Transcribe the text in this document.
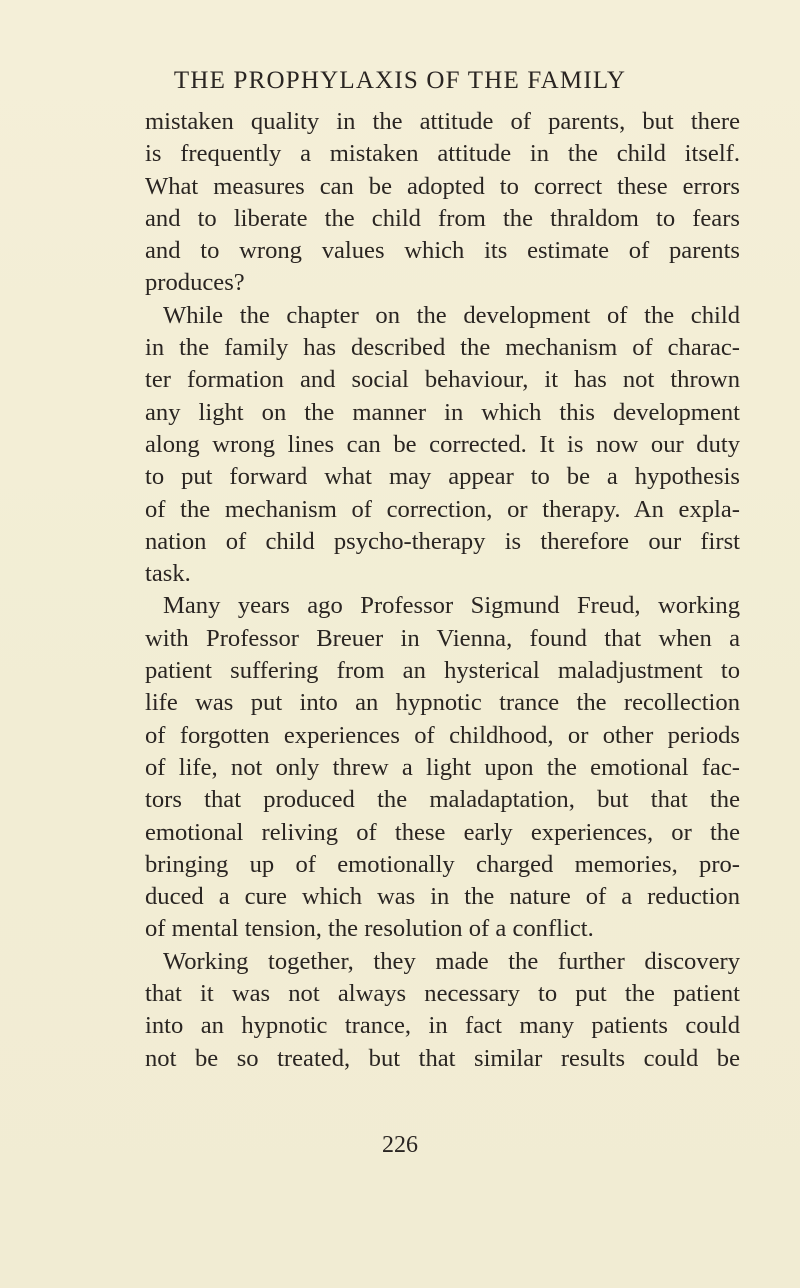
THE PROPHYLAXIS OF THE FAMILY

mistaken quality in the attitude of parents, but there
is frequently a mistaken attitude in the child itself.
What measures can be adopted to correct these errors
and to liberate the child from the thraldom to fears
and to wrong values which its estimate of parents
produces?

While the chapter on the development of the child
in the family has described the mechanism of charac-
ter formation and social behaviour, it has not thrown
any light on the manner in which this development
along wrong lines can be corrected. It is now our duty
to put forward what may appear to be a hypothesis
of the mechanism of correction, or therapy. An expla-
nation of child psycho-therapy is therefore our first
task.

Many years ago Professor Sigmund Freud, working
with Professor Breuer in Vienna, found that when a
patient suffering from an hysterical maladjustment to
life was put into an hypnotic trance the recollection
of forgotten experiences of childhood, or other periods
of life, not only threw a light upon the emotional fac-
tors that produced the maladaptation, but that the
emotional reliving of these early experiences, or the
bringing up of emotionally charged memories, pro-
duced a cure which was in the nature of a reduction
of mental tension, the resolution of a conflict.

Working together, they made the further discovery
that it was not always necessary to put the patient
into an hypnotic trance, in fact many patients could
not be so treated, but that similar results could be

226
